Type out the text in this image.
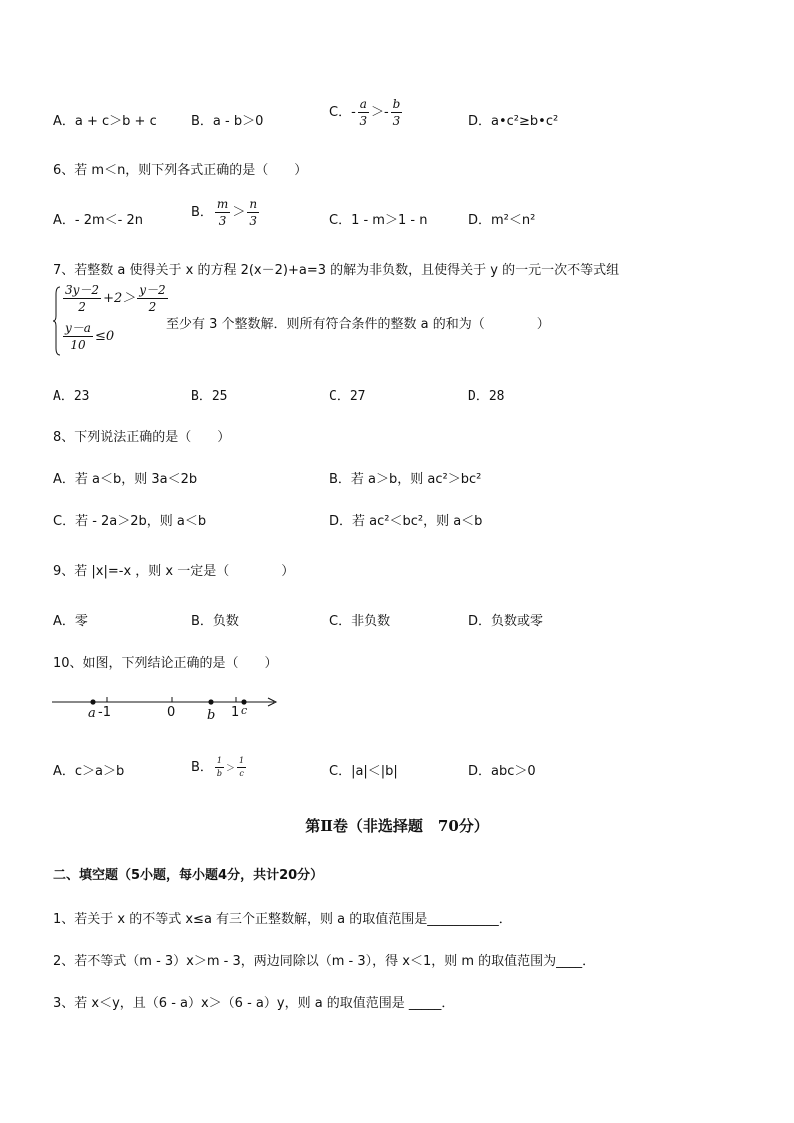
A．a + c＞b + c	B．a - b＞0
C．- $\frac{a}{3} >- \frac{b}{3}$	D．a•c²≥b•c²
6、若 m＜n，则下列各式正确的是（　　）
A．- 2m＜- 2n
B． $\frac{m}{3} > \frac{n}{3}$	C．1 - m＞1 - n	D．m²＜n²
7、若整数 a 使得关于 x 的方程 2(x－2)+a=3 的解为非负数，且使得关于 y 的一元一次不等式组
$\frac{3y-2}{2} +2> \frac{y-2}{2}$
$\frac{y-a}{10} \le 0$
至少有 3 个整数解．则所有符合条件的整数 a 的和为（　　　　）
A．23	B．25	C．27	D．28
8、下列说法正确的是（　　）
A．若 a＜b，则 3a＜2b	B．若 a＞b，则 ac²＞bc²
C．若 - 2a＞2b，则 a＜b	D．若 ac²＜bc²，则 a＜b
9、若 |x|=-x ，则 x 一定是（　　　　）
A．零	B．负数	C．非负数	D．负数或零
10、如图，下列结论正确的是（　　）
a -1	0 b 1 c
A．c＞a＞b	B． $\frac{1}{b} > \frac{1}{c}$	C．|a|＜|b|	D．abc＞0
第Ⅱ卷（非选择题　70分）
二、填空题（5小题，每小题4分，共计20分）
1、若关于 x 的不等式 x≤a 有三个正整数解，则 a 的取值范围是___________．
2、若不等式（m - 3）x＞m - 3，两边同除以（m - 3），得 x＜1，则 m 的取值范围为____．
3、若 x＜y，且（6 - a）x＞（6 - a）y，则 a 的取值范围是 _____．
